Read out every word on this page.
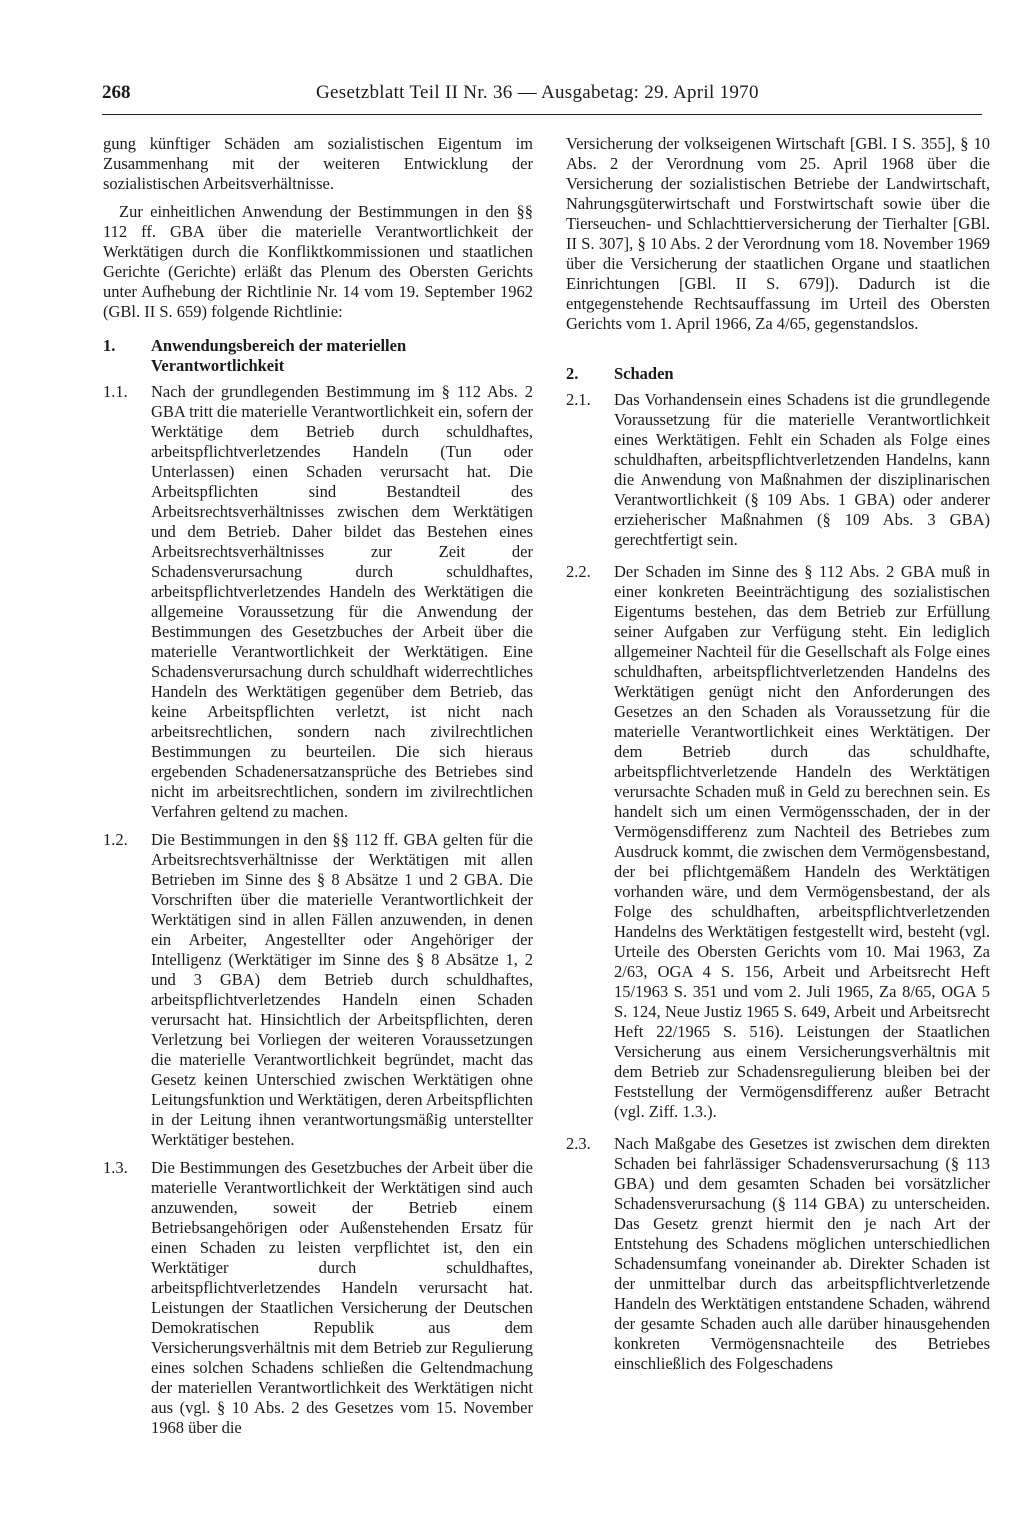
268	Gesetzblatt Teil II Nr. 36 — Ausgabetag: 29. April 1970

gung künftiger Schäden am sozialistischen Eigentum im Zusammenhang mit der weiteren Entwicklung der sozialistischen Arbeitsverhältnisse.

Zur einheitlichen Anwendung der Bestimmungen in den §§ 112 ff. GBA über die materielle Verantwortlichkeit der Werktätigen durch die Konfliktkommissionen und staatlichen Gerichte (Gerichte) erläßt das Plenum des Obersten Gerichts unter Aufhebung der Richtlinie Nr. 14 vom 19. September 1962 (GBl. II S. 659) folgende Richtlinie:

1.	Anwendungsbereich der materiellen Verantwortlichkeit
1.1.	Nach der grundlegenden Bestimmung im § 112 Abs. 2 GBA tritt die materielle Verantwortlichkeit ein, sofern der Werktätige dem Betrieb durch schuldhaftes, arbeitspflichtverletzendes Handeln (Tun oder Unterlassen) einen Schaden verursacht hat. Die Arbeitspflichten sind Bestandteil des Arbeitsrechtsverhältnisses zwischen dem Werktätigen und dem Betrieb. Daher bildet das Bestehen eines Arbeitsrechtsverhältnisses zur Zeit der Schadensverursachung durch schuldhaftes, arbeitspflichtverletzendes Handeln des Werktätigen die allgemeine Voraussetzung für die Anwendung der Bestimmungen des Gesetzbuches der Arbeit über die materielle Verantwortlichkeit der Werktätigen. Eine Schadensverursachung durch schuldhaft widerrechtliches Handeln des Werktätigen gegenüber dem Betrieb, das keine Arbeitspflichten verletzt, ist nicht nach arbeitsrechtlichen, sondern nach zivilrechtlichen Bestimmungen zu beurteilen. Die sich hieraus ergebenden Schadenersatzansprüche des Betriebes sind nicht im arbeitsrechtlichen, sondern im zivilrechtlichen Verfahren geltend zu machen.
1.2.	Die Bestimmungen in den §§ 112 ff. GBA gelten für die Arbeitsrechtsverhältnisse der Werktätigen mit allen Betrieben im Sinne des § 8 Absätze 1 und 2 GBA. Die Vorschriften über die materielle Verantwortlichkeit der Werktätigen sind in allen Fällen anzuwenden, in denen ein Arbeiter, Angestellter oder Angehöriger der Intelligenz (Werktätiger im Sinne des § 8 Absätze 1, 2 und 3 GBA) dem Betrieb durch schuldhaftes, arbeitspflichtverletzendes Handeln einen Schaden verursacht hat. Hinsichtlich der Arbeitspflichten, deren Verletzung bei Vorliegen der weiteren Voraussetzungen die materielle Verantwortlichkeit begründet, macht das Gesetz keinen Unterschied zwischen Werktätigen ohne Leitungsfunktion und Werktätigen, deren Arbeitspflichten in der Leitung ihnen verantwortungsmäßig unterstellter Werktätiger bestehen.
1.3.	Die Bestimmungen des Gesetzbuches der Arbeit über die materielle Verantwortlichkeit der Werktätigen sind auch anzuwenden, soweit der Betrieb einem Betriebsangehörigen oder Außenstehenden Ersatz für einen Schaden zu leisten verpflichtet ist, den ein Werktätiger durch schuldhaftes, arbeitspflichtverletzendes Handeln verursacht hat. Leistungen der Staatlichen Versicherung der Deutschen Demokratischen Republik aus dem Versicherungsverhältnis mit dem Betrieb zur Regulierung eines solchen Schadens schließen die Geltendmachung der materiellen Verantwortlichkeit des Werktätigen nicht aus (vgl. § 10 Abs. 2 des Gesetzes vom 15. November 1968 über die

Versicherung der volkseigenen Wirtschaft [GBl. I S. 355], § 10 Abs. 2 der Verordnung vom 25. April 1968 über die Versicherung der sozialistischen Betriebe der Landwirtschaft, Nahrungsgüterwirtschaft und Forstwirtschaft sowie über die Tierseuchen- und Schlachttierversicherung der Tierhalter [GBl. II S. 307], § 10 Abs. 2 der Verordnung vom 18. November 1969 über die Versicherung der staatlichen Organe und staatlichen Einrichtungen [GBl. II S. 679]). Dadurch ist die entgegenstehende Rechtsauffassung im Urteil des Obersten Gerichts vom 1. April 1966, Za 4/65, gegenstandslos.

2.	Schaden
2.1.	Das Vorhandensein eines Schadens ist die grundlegende Voraussetzung für die materielle Verantwortlichkeit eines Werktätigen. Fehlt ein Schaden als Folge eines schuldhaften, arbeitspflichtverletzenden Handelns, kann die Anwendung von Maßnahmen der disziplinarischen Verantwortlichkeit (§ 109 Abs. 1 GBA) oder anderer erzieherischer Maßnahmen (§ 109 Abs. 3 GBA) gerechtfertigt sein.
2.2.	Der Schaden im Sinne des § 112 Abs. 2 GBA muß in einer konkreten Beeinträchtigung des sozialistischen Eigentums bestehen, das dem Betrieb zur Erfüllung seiner Aufgaben zur Verfügung steht. Ein lediglich allgemeiner Nachteil für die Gesellschaft als Folge eines schuldhaften, arbeitspflichtverletzenden Handelns des Werktätigen genügt nicht den Anforderungen des Gesetzes an den Schaden als Voraussetzung für die materielle Verantwortlichkeit eines Werktätigen. Der dem Betrieb durch das schuldhafte, arbeitspflichtverletzende Handeln des Werktätigen verursachte Schaden muß in Geld zu berechnen sein. Es handelt sich um einen Vermögensschaden, der in der Vermögensdifferenz zum Nachteil des Betriebes zum Ausdruck kommt, die zwischen dem Vermögensbestand, der bei pflichtgemäßem Handeln des Werktätigen vorhanden wäre, und dem Vermögensbestand, der als Folge des schuldhaften, arbeitspflichtverletzenden Handelns des Werktätigen festgestellt wird, besteht (vgl. Urteile des Obersten Gerichts vom 10. Mai 1963, Za 2/63, OGA 4 S. 156, Arbeit und Arbeitsrecht Heft 15/1963 S. 351 und vom 2. Juli 1965, Za 8/65, OGA 5 S. 124, Neue Justiz 1965 S. 649, Arbeit und Arbeitsrecht Heft 22/1965 S. 516). Leistungen der Staatlichen Versicherung aus einem Versicherungsverhältnis mit dem Betrieb zur Schadensregulierung bleiben bei der Feststellung der Vermögensdifferenz außer Betracht (vgl. Ziff. 1.3.).
2.3.	Nach Maßgabe des Gesetzes ist zwischen dem direkten Schaden bei fahrlässiger Schadensverursachung (§ 113 GBA) und dem gesamten Schaden bei vorsätzlicher Schadensverursachung (§ 114 GBA) zu unterscheiden. Das Gesetz grenzt hiermit den je nach Art der Entstehung des Schadens möglichen unterschiedlichen Schadensumfang voneinander ab. Direkter Schaden ist der unmittelbar durch das arbeitspflichtverletzende Handeln des Werktätigen entstandene Schaden, während der gesamte Schaden auch alle darüber hinausgehenden konkreten Vermögensnachteile des Betriebes einschließlich des Folgeschadens
